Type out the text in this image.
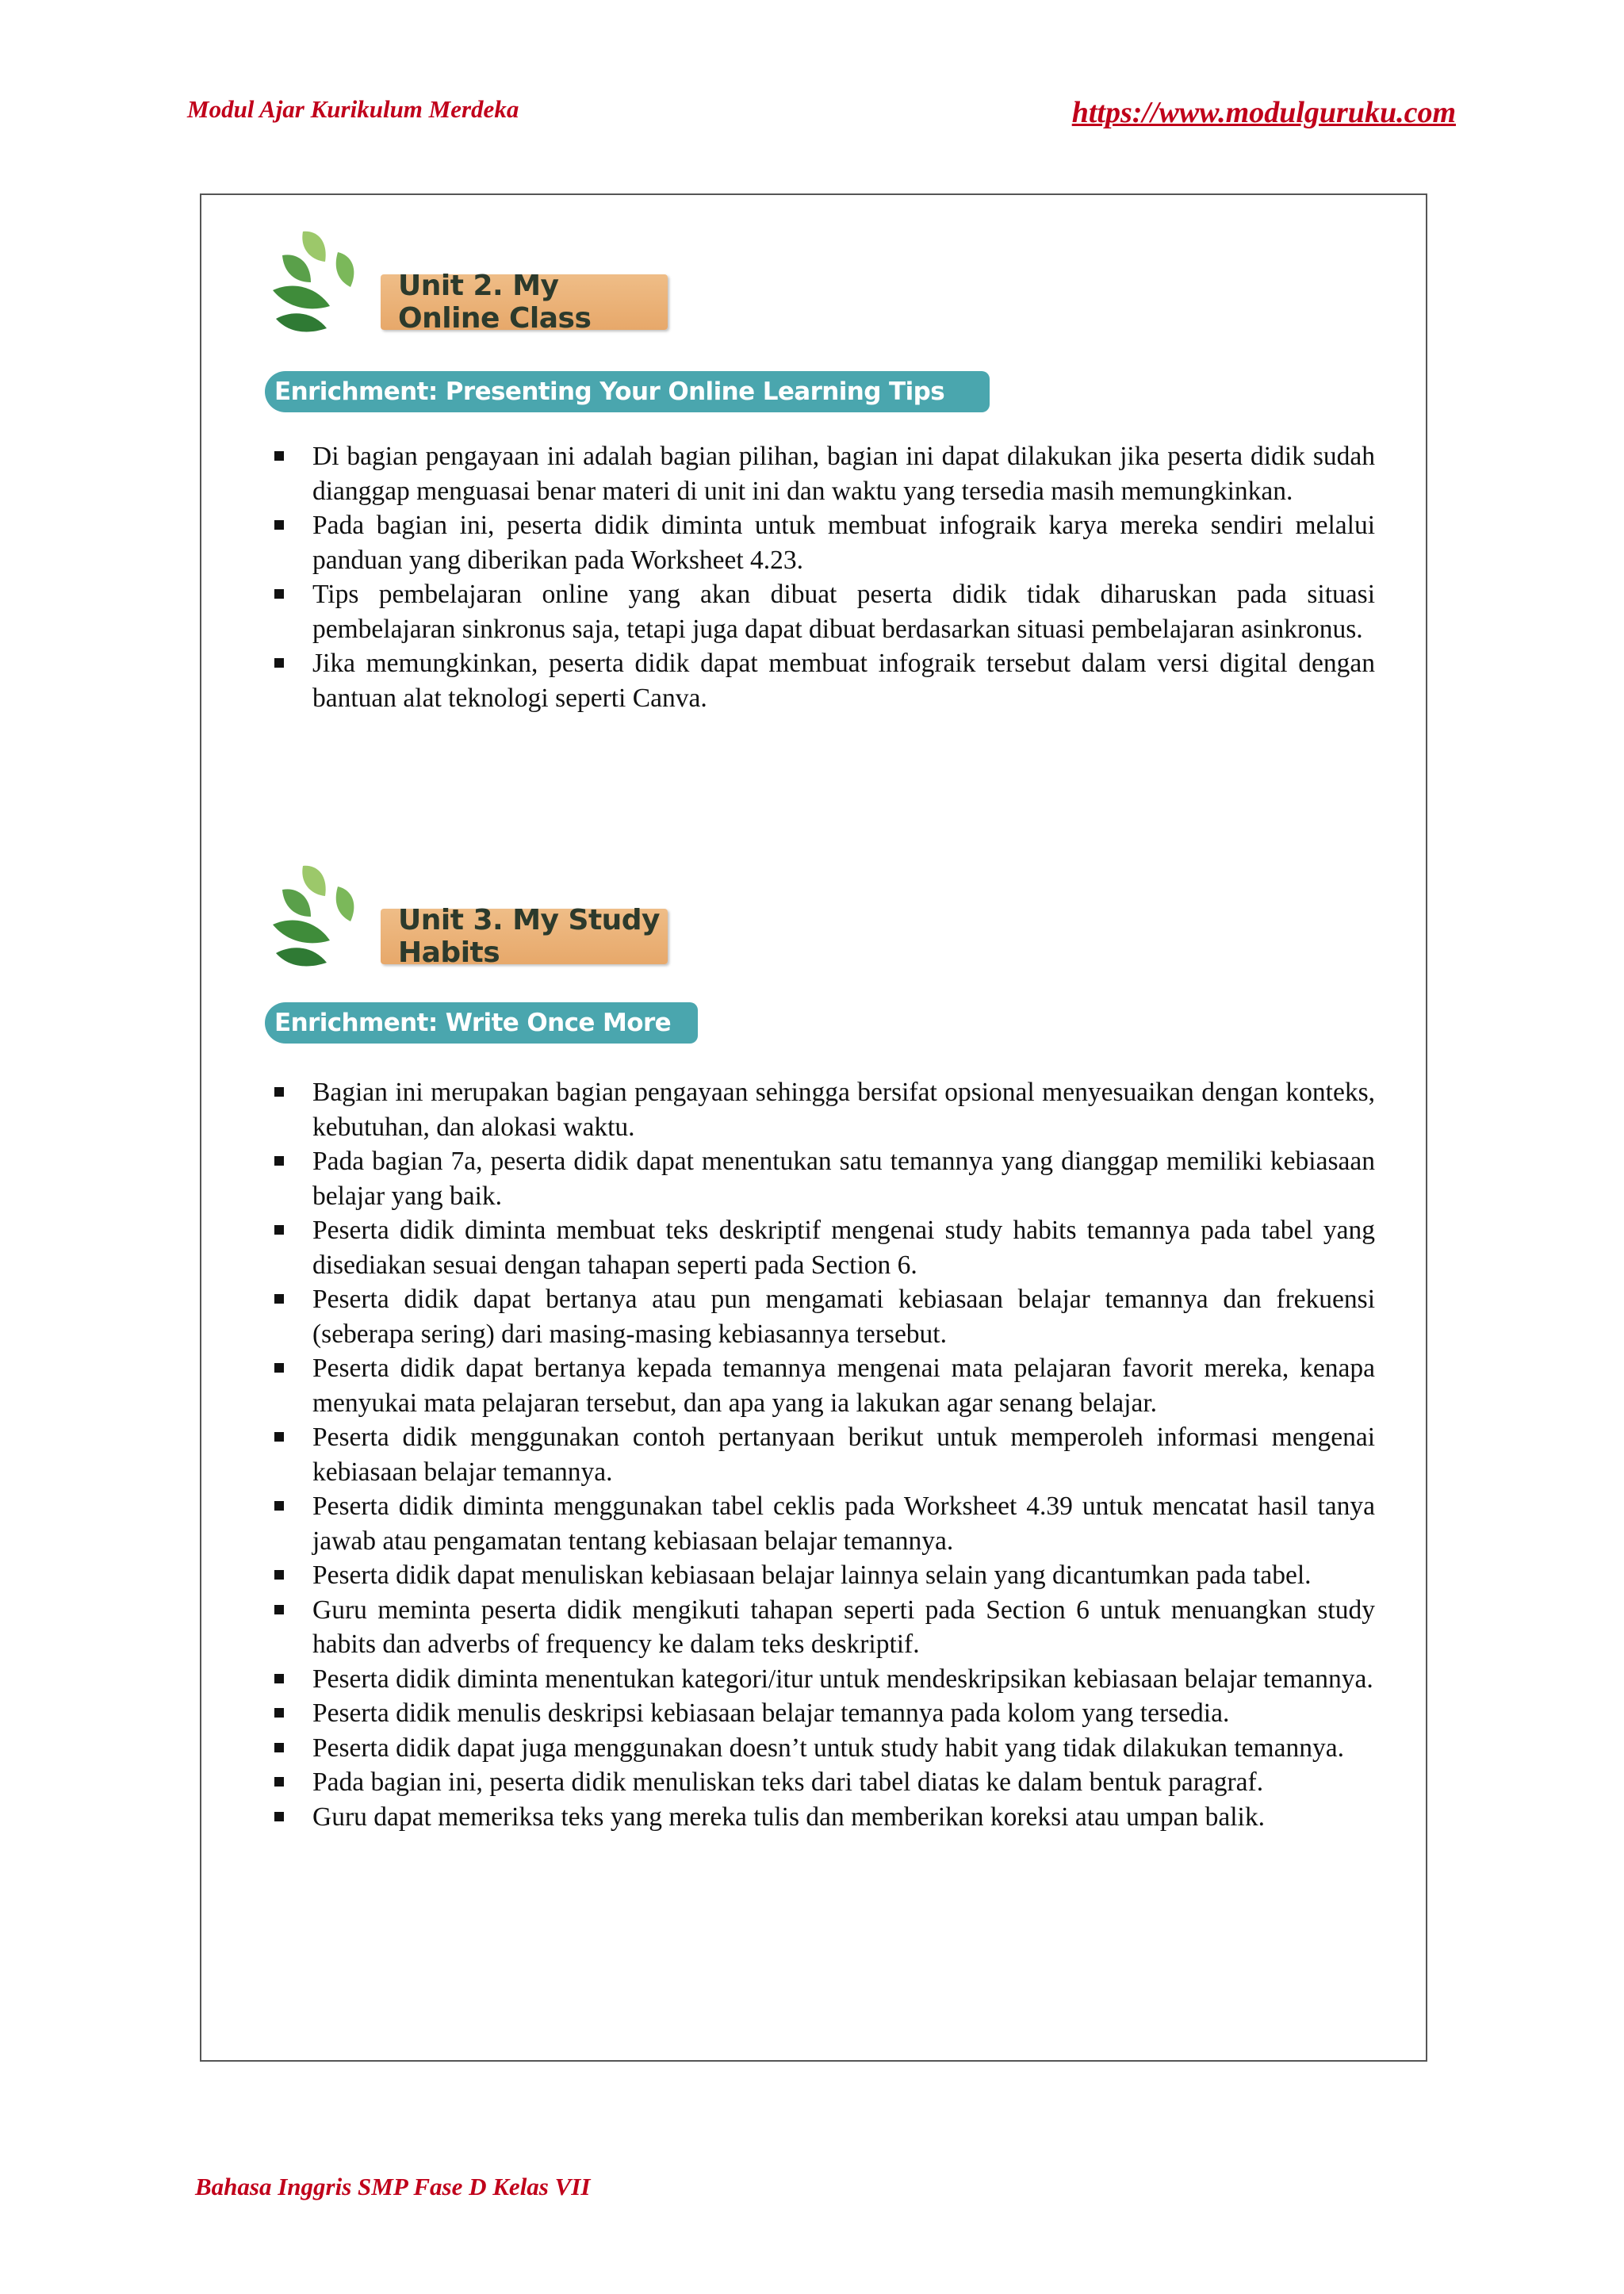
Modul Ajar Kurikulum Merdeka	https://www.modulguruku.com
Unit 2. My Online Class
Enrichment: Presenting Your Online Learning Tips
Di bagian pengayaan ini adalah bagian pilihan, bagian ini dapat dilakukan jika peserta didik sudah dianggap menguasai benar materi di unit ini dan waktu yang tersedia masih memungkinkan.
Pada bagian ini, peserta didik diminta untuk membuat infograik karya mereka sendiri melalui panduan yang diberikan pada Worksheet 4.23.
Tips pembelajaran online yang akan dibuat peserta didik tidak diharuskan pada situasi pembelajaran sinkronus saja, tetapi juga dapat dibuat berdasarkan situasi pembelajaran asinkronus.
Jika memungkinkan, peserta didik dapat membuat infograik tersebut dalam versi digital dengan bantuan alat teknologi seperti Canva.
Unit 3. My Study Habits
Enrichment: Write Once More
Bagian ini merupakan bagian pengayaan sehingga bersifat opsional menyesuaikan dengan konteks, kebutuhan, dan alokasi waktu.
Pada bagian 7a, peserta didik dapat menentukan satu temannya yang dianggap memiliki kebiasaan belajar yang baik.
Peserta didik diminta membuat teks deskriptif mengenai study habits temannya pada tabel yang disediakan sesuai dengan tahapan seperti pada Section 6.
Peserta didik dapat bertanya atau pun mengamati kebiasaan belajar temannya dan frekuensi (seberapa sering) dari masing-masing kebiasannya tersebut.
Peserta didik dapat bertanya kepada temannya mengenai mata pelajaran favorit mereka, kenapa menyukai mata pelajaran tersebut, dan apa yang ia lakukan agar senang belajar.
Peserta didik menggunakan contoh pertanyaan berikut untuk memperoleh informasi mengenai kebiasaan belajar temannya.
Peserta didik diminta menggunakan tabel ceklis pada Worksheet 4.39 untuk mencatat hasil tanya jawab atau pengamatan tentang kebiasaan belajar temannya.
Peserta didik dapat menuliskan kebiasaan belajar lainnya selain yang dicantumkan pada tabel.
Guru meminta peserta didik mengikuti tahapan seperti pada Section 6 untuk menuangkan study habits dan adverbs of frequency ke dalam teks deskriptif.
Peserta didik diminta menentukan kategori/itur untuk mendeskripsikan kebiasaan belajar temannya.
Peserta didik menulis deskripsi kebiasaan belajar temannya pada kolom yang tersedia.
Peserta didik dapat juga menggunakan doesn’t untuk study habit yang tidak dilakukan temannya.
Pada bagian ini, peserta didik menuliskan teks dari tabel diatas ke dalam bentuk paragraf.
Guru dapat memeriksa teks yang mereka tulis dan memberikan koreksi atau umpan balik.
Bahasa Inggris SMP Fase D Kelas VII
